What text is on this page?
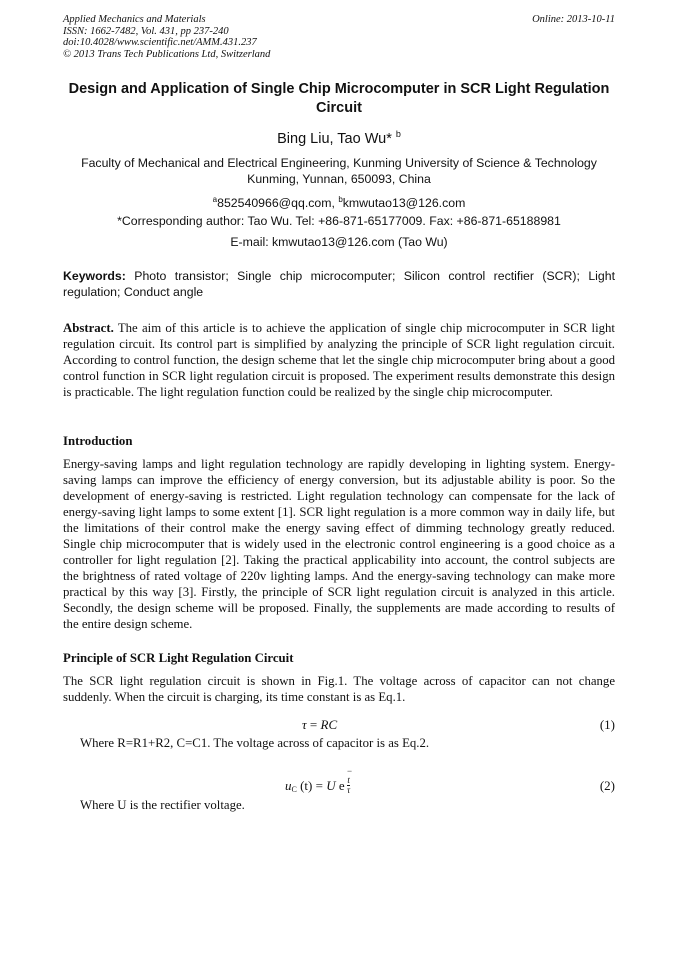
Applied Mechanics and Materials
ISSN: 1662-7482, Vol. 431, pp 237-240
doi:10.4028/www.scientific.net/AMM.431.237
© 2013 Trans Tech Publications Ltd, Switzerland
Online: 2013-10-11
Design and Application of Single Chip Microcomputer in SCR Light Regulation Circuit
Bing Liu, Tao Wu* $^b$
Faculty of Mechanical and Electrical Engineering, Kunming University of Science & Technology
Kunming, Yunnan, 650093, China
$^a$852540966@qq.com, $^b$kmwutao13@126.com
*Corresponding author: Tao Wu. Tel: +86-871-65177009. Fax: +86-871-65188981
E-mail: kmwutao13@126.com (Tao Wu)
Keywords: Photo transistor; Single chip microcomputer; Silicon control rectifier (SCR); Light regulation; Conduct angle
Abstract. The aim of this article is to achieve the application of single chip microcomputer in SCR light regulation circuit. Its control part is simplified by analyzing the principle of SCR light regulation circuit. According to control function, the design scheme that let the single chip microcomputer bring about a good control function in SCR light regulation circuit is proposed. The experiment results demonstrate this design is practicable. The light regulation function could be realized by the single chip microcomputer.
Introduction
Energy-saving lamps and light regulation technology are rapidly developing in lighting system. Energy-saving lamps can improve the efficiency of energy conversion, but its adjustable ability is poor. So the development of energy-saving is restricted. Light regulation technology can compensate for the lack of energy-saving light lamps to some extent [1]. SCR light regulation is a more common way in daily life, but the limitations of their control make the energy saving effect of dimming technology greatly reduced. Single chip microcomputer that is widely used in the electronic control engineering is a good choice as a controller for light regulation [2]. Taking the practical applicability into account, the control subjects are the brightness of rated voltage of 220v lighting lamps. And the energy-saving technology can make more practical by this way [3]. Firstly, the principle of SCR light regulation circuit is analyzed in this article. Secondly, the design scheme will be proposed. Finally, the supplements are made according to results of the entire design scheme.
Principle of SCR Light Regulation Circuit
The SCR light regulation circuit is shown in Fig.1. The voltage across of capacitor can not change suddenly. When the circuit is charging, its time constant is as Eq.1.
τ = RC	(1)
Where R=R1+R2, C=C1. The voltage across of capacitor is as Eq.2.
$u_C$ (t) = U e
−
$\frac{t}{\tau}$	(2)
Where U is the rectifier voltage.
